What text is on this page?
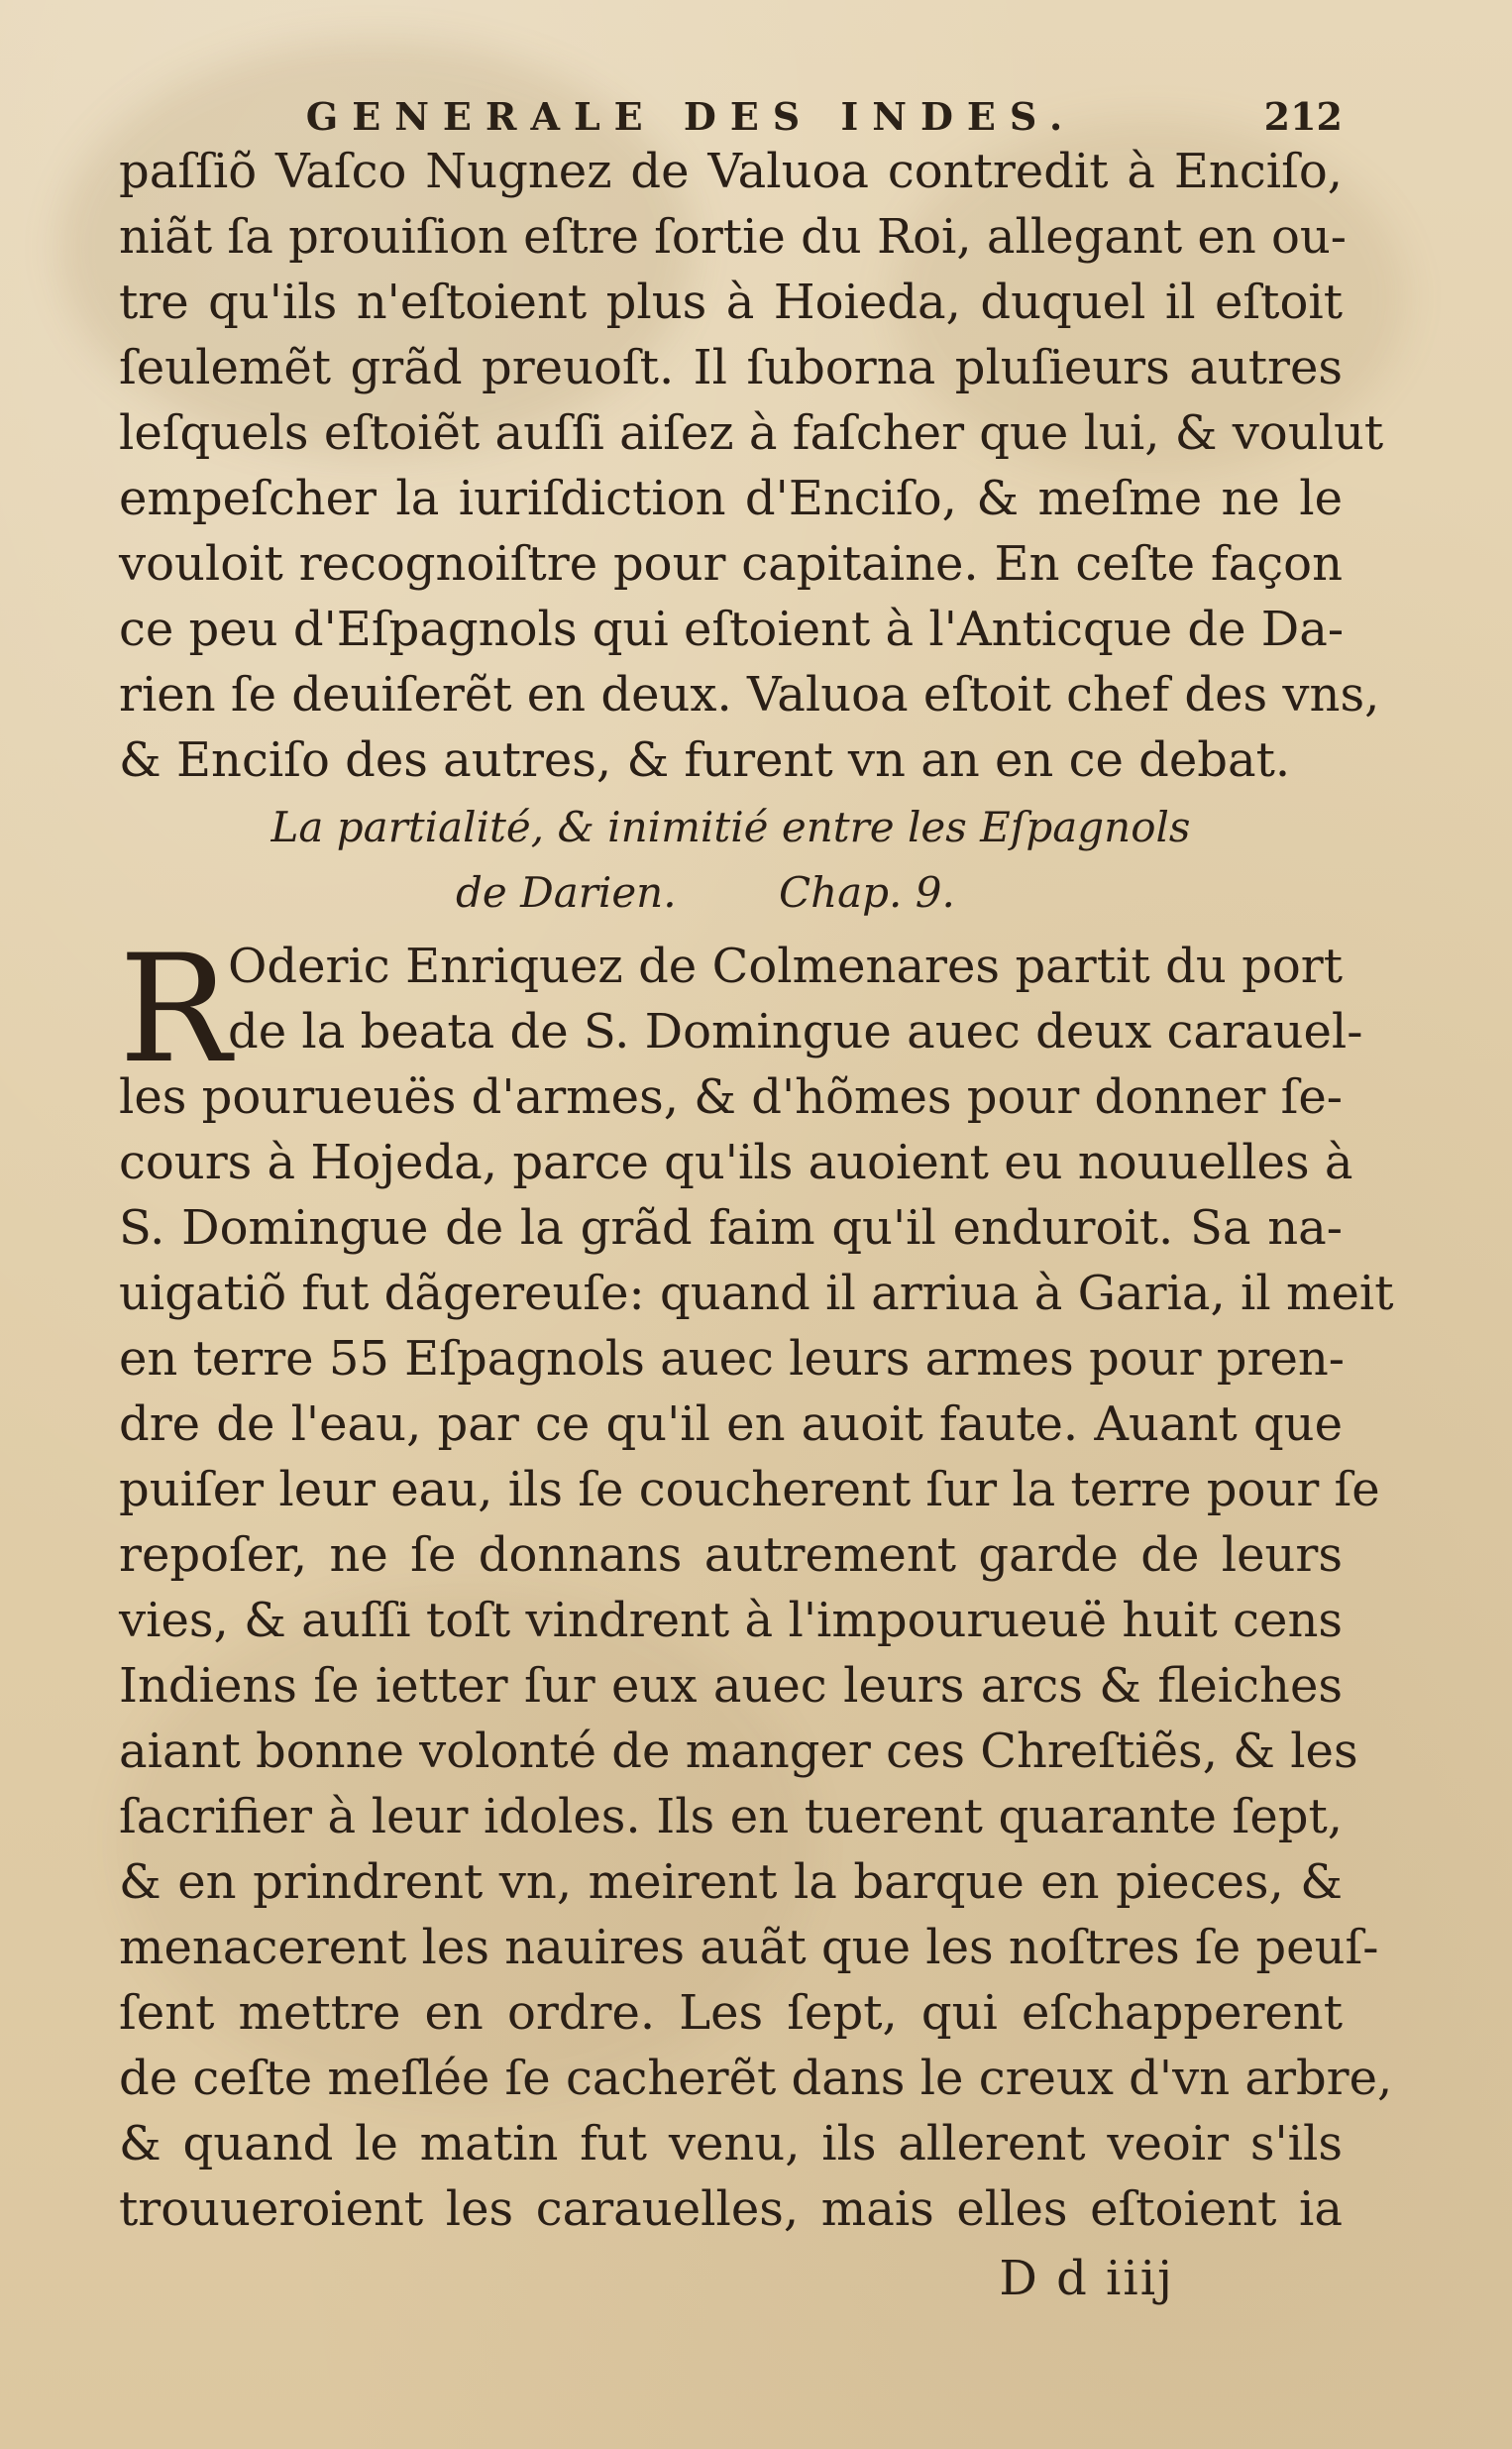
GENERALE DES INDES.	212
paſſiõ Vaſco Nugnez de Valuoa contredit à Enciſo,
niãt ſa prouiſion eſtre ſortie du Roi, allegant en ou-
tre qu'ils n'eſtoient plus à Hoieda, duquel il eſtoit
ſeulemẽt grãd preuoſt. Il ſuborna pluſieurs autres
leſquels eſtoiẽt auſſi aiſez à faſcher que lui, & voulut
empeſcher la iuriſdiction d'Enciſo, & meſme ne le
vouloit recognoiſtre pour capitaine. En ceſte façon
ce peu d'Eſpagnols qui eſtoient à l'Anticque de Da-
rien ſe deuiſerẽt en deux. Valuoa eſtoit chef des vns,
& Enciſo des autres, & furent vn an en ce debat.
La partialité, & inimitié entre les Eſpagnols
de Darien. Chap. 9.
R
Oderic Enriquez de Colmenares partit du port
de la beata de S. Domingue auec deux carauel-
les pourueuës d'armes, & d'hõmes pour donner ſe-
cours à Hojeda, parce qu'ils auoient eu nouuelles à
S. Domingue de la grãd faim qu'il enduroit. Sa na-
uigatiõ fut dãgereuſe: quand il arriua à Garia, il meit
en terre 55 Eſpagnols auec leurs armes pour pren-
dre de l'eau, par ce qu'il en auoit faute. Auant que
puiſer leur eau, ils ſe coucherent ſur la terre pour ſe
repoſer, ne ſe donnans autrement garde de leurs
vies, & auſſi toſt vindrent à l'impourueuë huit cens
Indiens ſe ietter ſur eux auec leurs arcs & fleiches
aiant bonne volonté de manger ces Chreſtiẽs, & les
ſacrifier à leur idoles. Ils en tuerent quarante ſept,
& en prindrent vn, meirent la barque en pieces, &
menacerent les nauires auãt que les noſtres ſe peuſ-
ſent mettre en ordre. Les ſept, qui eſchapperent
de ceſte meſlée ſe cacherẽt dans le creux d'vn arbre,
& quand le matin fut venu, ils allerent veoir s'ils
trouueroient les carauelles, mais elles eſtoient ia
D d iiij
